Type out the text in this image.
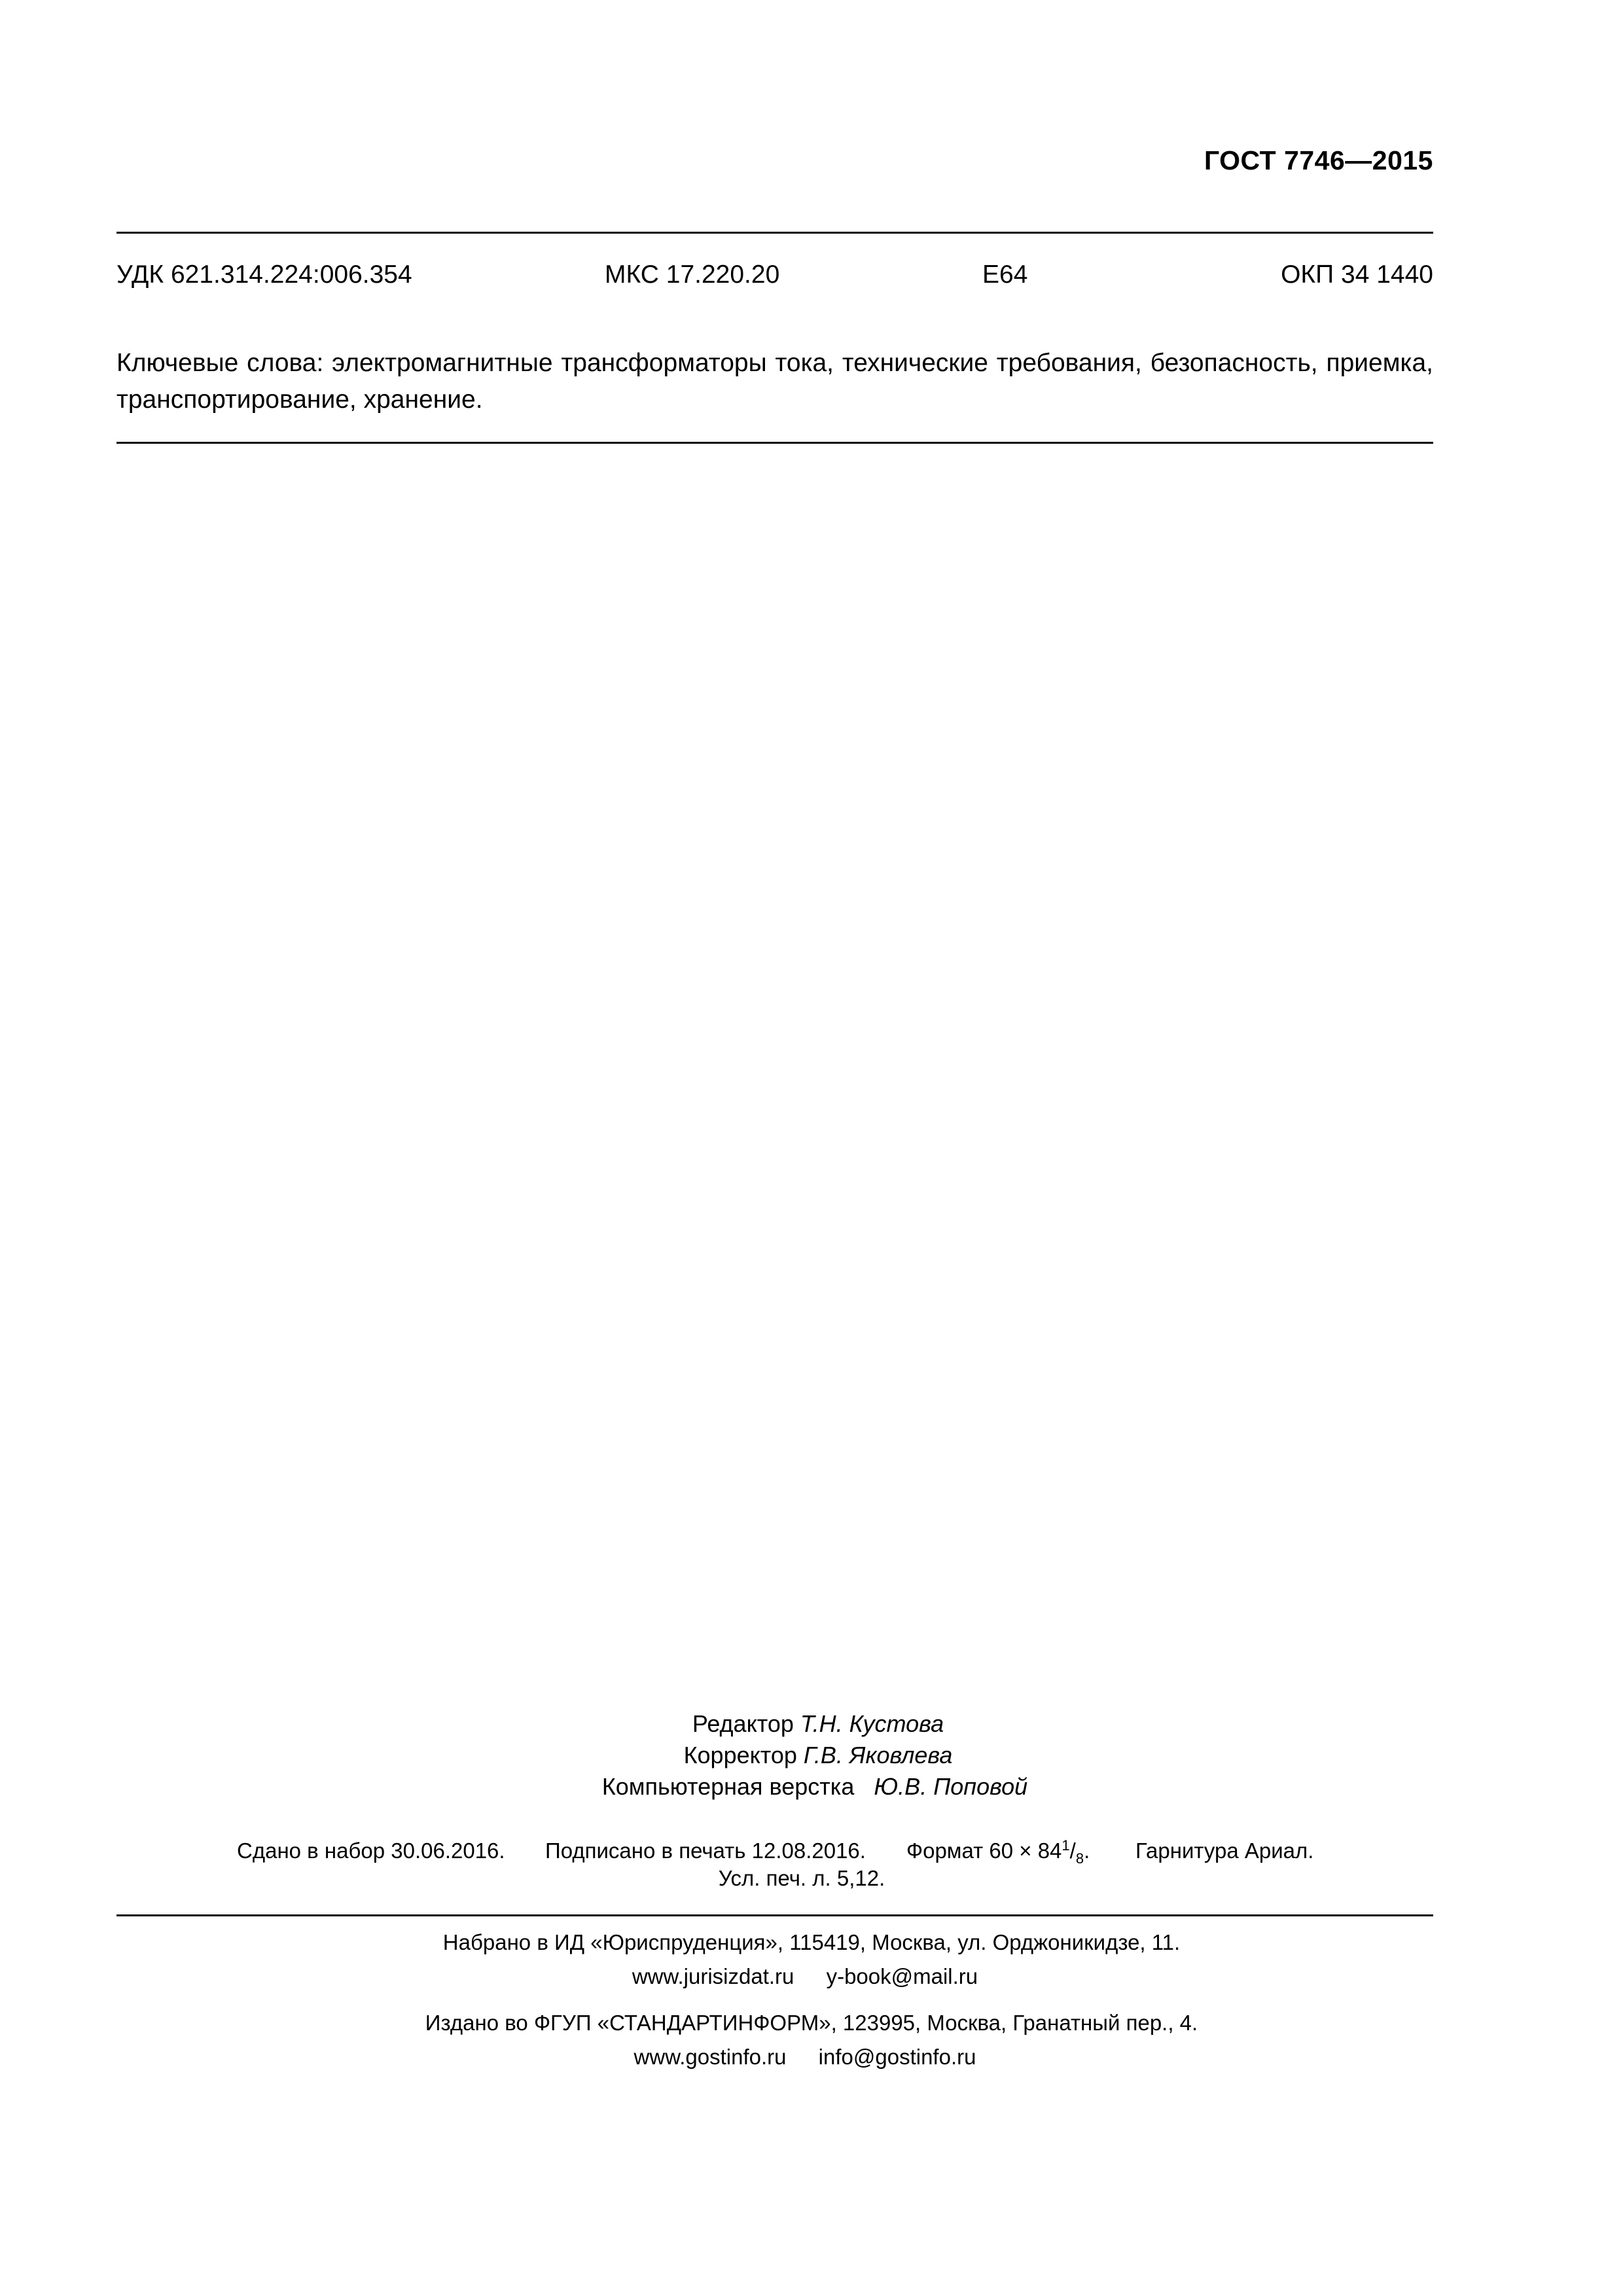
ГОСТ 7746—2015
УДК 621.314.224:006.354	МКС 17.220.20	Е64	ОКП 34 1440
Ключевые слова: электромагнитные трансформаторы тока, технические требования, безопасность, приемка, транспортирование, хранение.
Редактор Т.Н. Кустова
Корректор Г.В. Яковлева
Компьютерная верстка Ю.В. Поповой
Сдано в набор 30.06.2016. Подписано в печать 12.08.2016. Формат $60 \times 84^1/_8$. Гарнитура Ариал.
Усл. печ. л. 5,12.
Набрано в ИД «Юриспруденция», 115419, Москва, ул. Орджоникидзе, 11.
www.jurisizdat.ru y-book@mail.ru
Издано во ФГУП «СТАНДАРТИНФОРМ», 123995, Москва, Гранатный пер., 4.
www.gostinfo.ru info@gostinfo.ru
